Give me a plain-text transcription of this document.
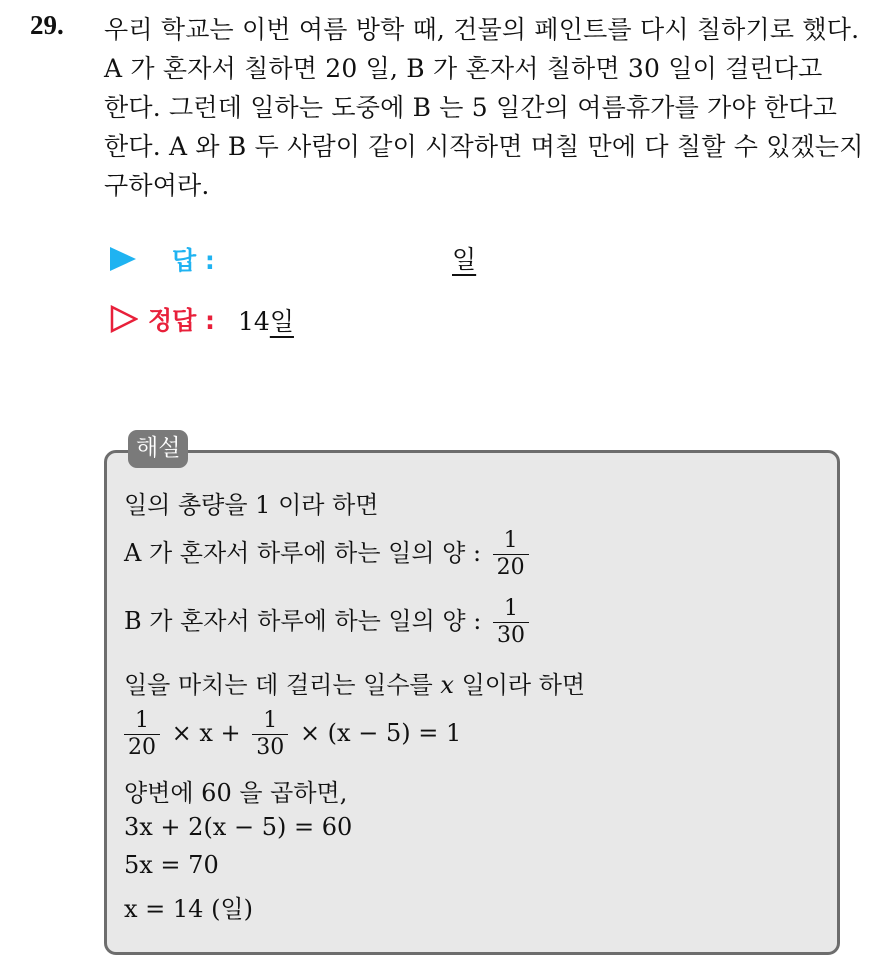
29. 우리 학교는 이번 여름 방학 때, 건물의 페인트를 다시 칠하기로 했다.
A 가 혼자서 칠하면 20 일, B 가 혼자서 칠하면 30 일이 걸린다고
한다. 그런데 일하는 도중에 B 는 5 일간의 여름휴가를 가야 한다고
한다. A 와 B 두 사람이 같이 시작하면 며칠 만에 다 칠할 수 있겠는지
구하여라.
답 :	일
정답 : 14일
해설
일의 총량을 1 이라 하면
A 가 혼자서 하루에 하는 일의 양 : $\frac{1}{20}$
B 가 혼자서 하루에 하는 일의 양 : $\frac{1}{30}$
일을 마치는 데 걸리는 일수를 x 일이라 하면
$\frac{1}{20} \times x + \frac{1}{30} \times (x - 5) = 1$
양변에 60 을 곱하면,
3x + 2(x − 5) = 60
5x = 70
x = 14 (일)
